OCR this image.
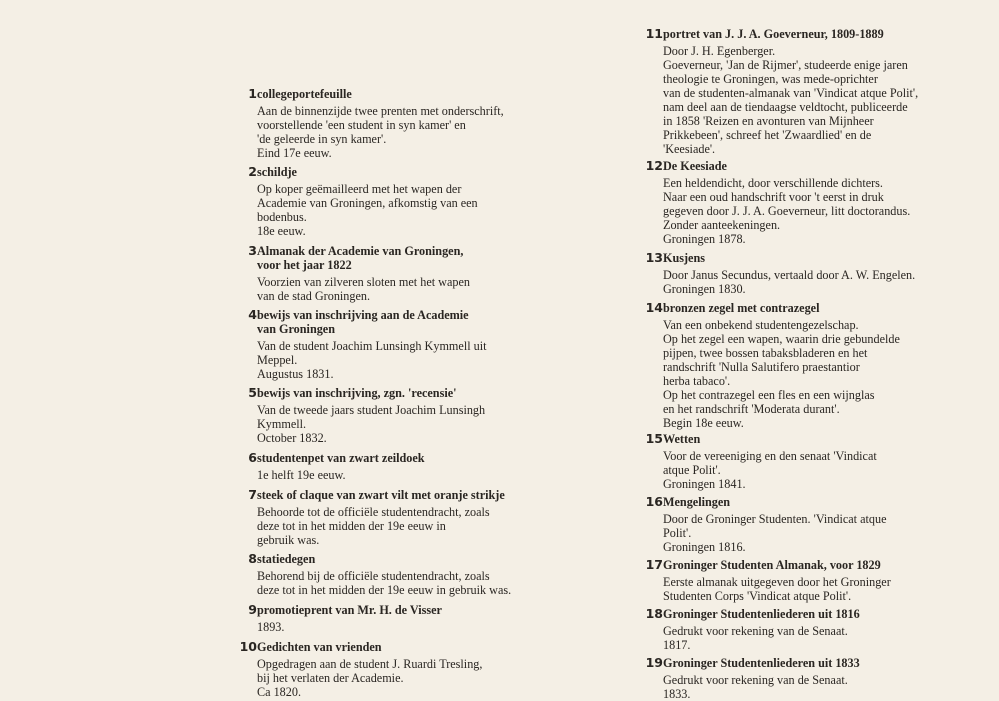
1 collegeportefeuille
Aan de binnenzijde twee prenten met onderschrift,
voorstellende 'een student in syn kamer' en
'de geleerde in syn kamer'.
Eind 17e eeuw.
2 schildje
Op koper geëmailleerd met het wapen der
Academie van Groningen, afkomstig van een
bodenbus.
18e eeuw.
3 Almanak der Academie van Groningen,
voor het jaar 1822
Voorzien van zilveren sloten met het wapen
van de stad Groningen.
4 bewijs van inschrijving aan de Academie
van Groningen
Van de student Joachim Lunsingh Kymmell uit
Meppel.
Augustus 1831.
5 bewijs van inschrijving, zgn. 'recensie'
Van de tweede jaars student Joachim Lunsingh
Kymmell.
October 1832.
6 studentenpet van zwart zeildoek
1e helft 19e eeuw.
7 steek of claque van zwart vilt met oranje strikje
Behoorde tot de officiële studentendracht, zoals
deze tot in het midden der 19e eeuw in
gebruik was.
8 statiedegen
Behorend bij de officiële studentendracht, zoals
deze tot in het midden der 19e eeuw in gebruik was.
9 promotieprent van Mr. H. de Visser
1893.
10 Gedichten van vrienden
Opgedragen aan de student J. Ruardi Tresling,
bij het verlaten der Academie.
Ca 1820.
11 portret van J. J. A. Goeverneur, 1809-1889
Door J. H. Egenberger.
Goeverneur, 'Jan de Rijmer', studeerde enige jaren
theologie te Groningen, was mede-oprichter
van de studenten-almanak van 'Vindicat atque Polit',
nam deel aan de tiendaagse veldtocht, publiceerde
in 1858 'Reizen en avonturen van Mijnheer
Prikkebeen', schreef het 'Zwaardlied' en de
'Keesiade'.
12 De Keesiade
Een heldendicht, door verschillende dichters.
Naar een oud handschrift voor 't eerst in druk
gegeven door J. J. A. Goeverneur, litt doctorandus.
Zonder aanteekeningen.
Groningen 1878.
13 Kusjens
Door Janus Secundus, vertaald door A. W. Engelen.
Groningen 1830.
14 bronzen zegel met contrazegel
Van een onbekend studentengezelschap.
Op het zegel een wapen, waarin drie gebundelde
pijpen, twee bossen tabaksbladeren en het
randschrift 'Nulla Salutifero praestantior
herba tabaco'.
Op het contrazegel een fles en een wijnglas
en het randschrift 'Moderata durant'.
Begin 18e eeuw.
15 Wetten
Voor de vereeniging en den senaat 'Vindicat
atque Polit'.
Groningen 1841.
16 Mengelingen
Door de Groninger Studenten. 'Vindicat atque
Polit'.
Groningen 1816.
17 Groninger Studenten Almanak, voor 1829
Eerste almanak uitgegeven door het Groninger
Studenten Corps 'Vindicat atque Polit'.
18 Groninger Studentenliederen uit 1816
Gedrukt voor rekening van de Senaat.
1817.
19 Groninger Studentenliederen uit 1833
Gedrukt voor rekening van de Senaat.
1833.
